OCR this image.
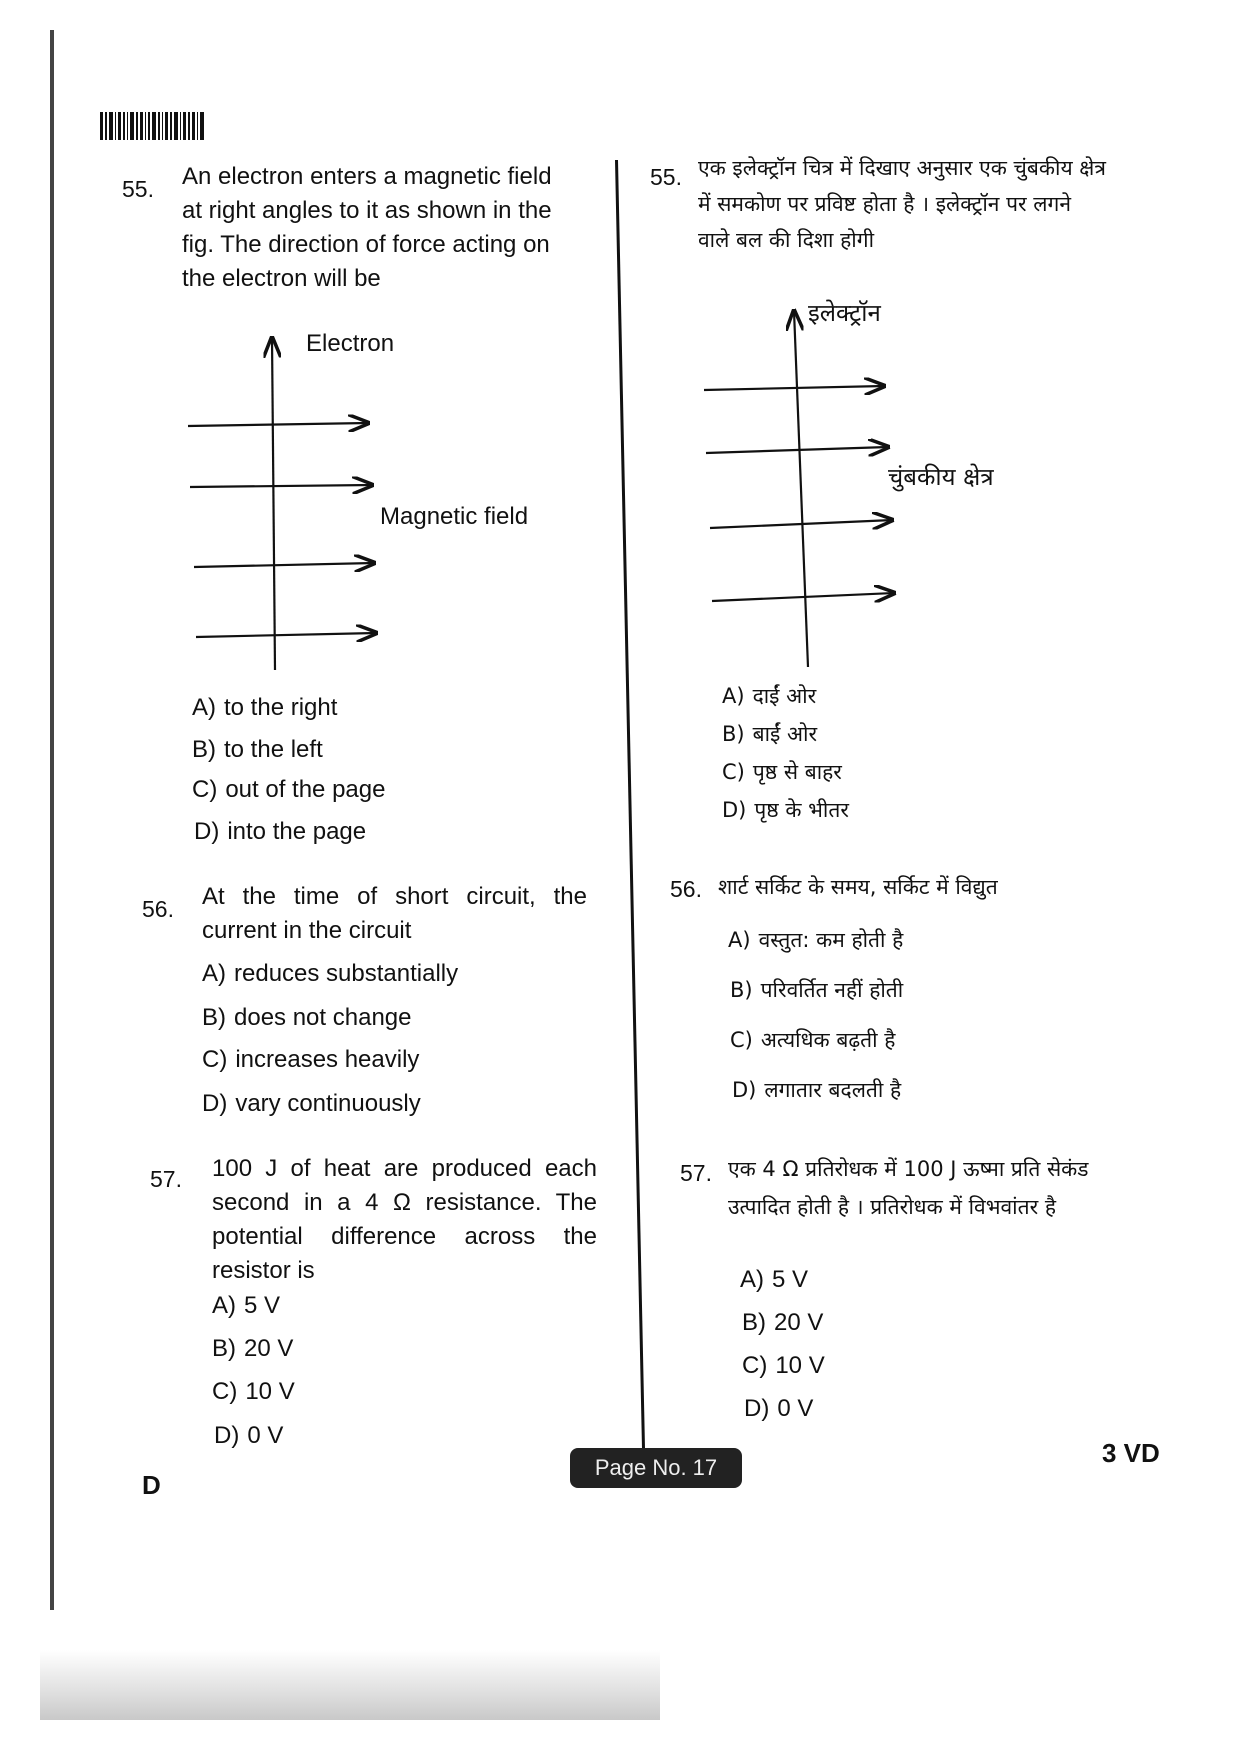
55. An electron enters a magnetic field at right angles to it as shown in the fig. The direction of force acting on the electron will be
Electron
Magnetic field
A) to the right
B) to the left
C) out of the page
D) into the page
56. At the time of short circuit, the current in the circuit
A) reduces substantially
B) does not change
C) increases heavily
D) vary continuously
57. 100 J of heat are produced each second in a 4 Ω resistance. The potential difference across the resistor is
A) 5 V
B) 20 V
C) 10 V
D) 0 V
55. एक इलेक्ट्रॉन चित्र में दिखाए अनुसार एक चुंबकीय क्षेत्र में समकोण पर प्रविष्ट होता है । इलेक्ट्रॉन पर लगने वाले बल की दिशा होगी
इलेक्ट्रॉन
चुंबकीय क्षेत्र
A) दाईं ओर
B) बाईं ओर
C) पृष्ठ से बाहर
D) पृष्ठ के भीतर
56. शार्ट सर्किट के समय, सर्किट में विद्युत
A) वस्तुत: कम होती है
B) परिवर्तित नहीं होती
C) अत्यधिक बढ़ती है
D) लगातार बदलती है
57. एक 4 Ω प्रतिरोधक में 100 J ऊष्मा प्रति सेकंड उत्पादित होती है । प्रतिरोधक में विभवांतर है
A) 5 V
B) 20 V
C) 10 V
D) 0 V
D
Page No. 17	3 VD
